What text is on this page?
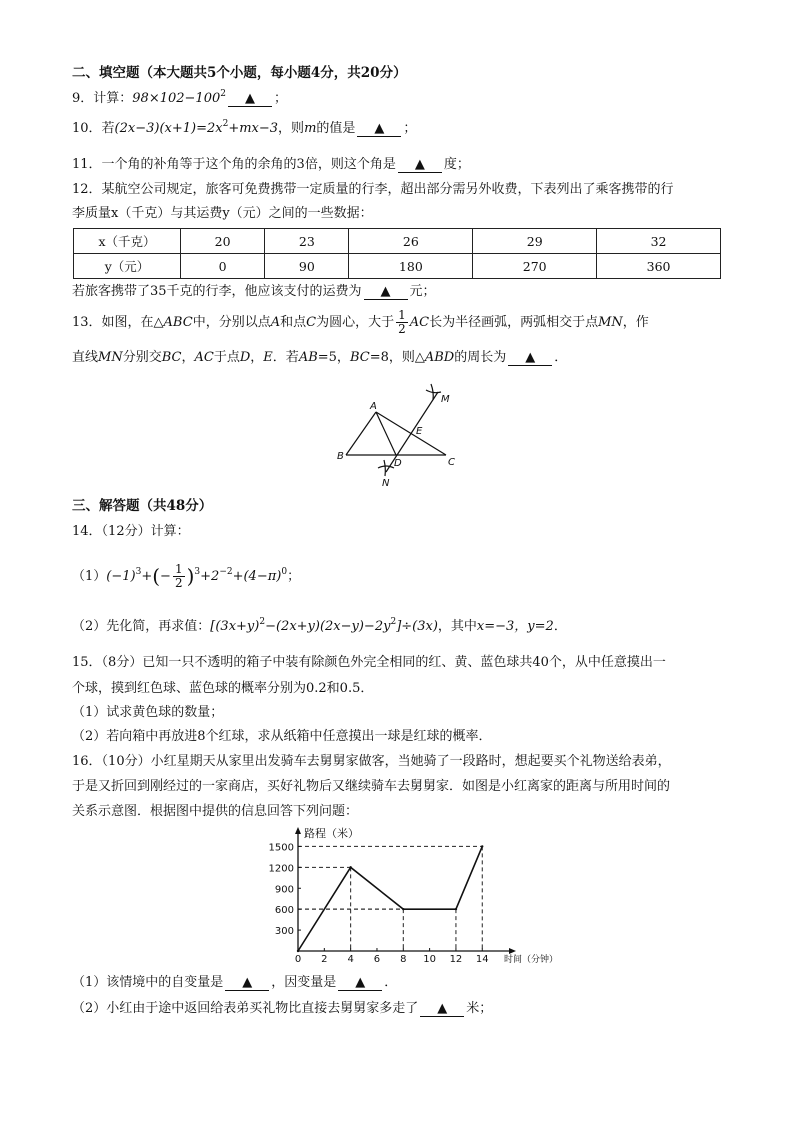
二、填空题（本大题共5个小题，每小题4分，共20分）
9．计算：$98\times 102-100^2$ ▲ ；
10．若$(2x-3)(x+1)=2x^2+mx-3$，则m的值是 ▲ ；
11．一个角的补角等于这个角的余角的3倍，则这个角是 ▲ 度；
12．某航空公司规定，旅客可免费携带一定质量的行李，超出部分需另外收费，下表列出了乘客携带的行
李质量x（千克）与其运费y（元）之间的一些数据：
x（千克）	20	23	26	29	32
y（元）	0	90	180	270	360
若旅客携带了35千克的行李，他应该支付的运费为 ▲ 元；
13．如图，在△ABC中，分别以点A和点C为圆心，大于 $\frac{1}{2}$ AC长为半径画弧，两弧相交于点MN，作
直线MN分别交BC，AC于点D，E．若AB=5，BC=8，则△ABD的周长为 ▲ ．
A
B
C
D
E
M
N
三、解答题（共48分）
14．（12分）计算：
$(1)(-1)^3+(- \frac{1}{2} )^3+2^{-2}+(4-\pi)^0$；
（2）先化简，再求值：$[(3x+y)^2-(2x+y)(2x-y)-2y^2]\div(3x)$，其中x=−3，y=2．
15．（8分）已知一只不透明的箱子中装有除颜色外完全相同的红、黄、蓝色球共40个，从中任意摸出一
个球，摸到红色球、蓝色球的概率分别为0.2和0.5．
（1）试求黄色球的数量；
（2）若向箱中再放进8个红球，求从纸箱中任意摸出一球是红球的概率．
16．（10分）小红星期天从家里出发骑车去舅舅家做客，当她骑了一段路时，想起要买个礼物送给表弟，
于是又折回到刚经过的一家商店，买好礼物后又继续骑车去舅舅家．如图是小红离家的距离与所用时间的
关系示意图．根据图中提供的信息回答下列问题：
0 2 4 6 8 10 12 14
300
600
900
1200
1500
路程（米）
时间（分钟）
（1）该情境中的自变量是 ▲ ，因变量是 ▲ ．
（2）小红由于途中返回给表弟买礼物比直接去舅舅家多走了 ▲ 米；
